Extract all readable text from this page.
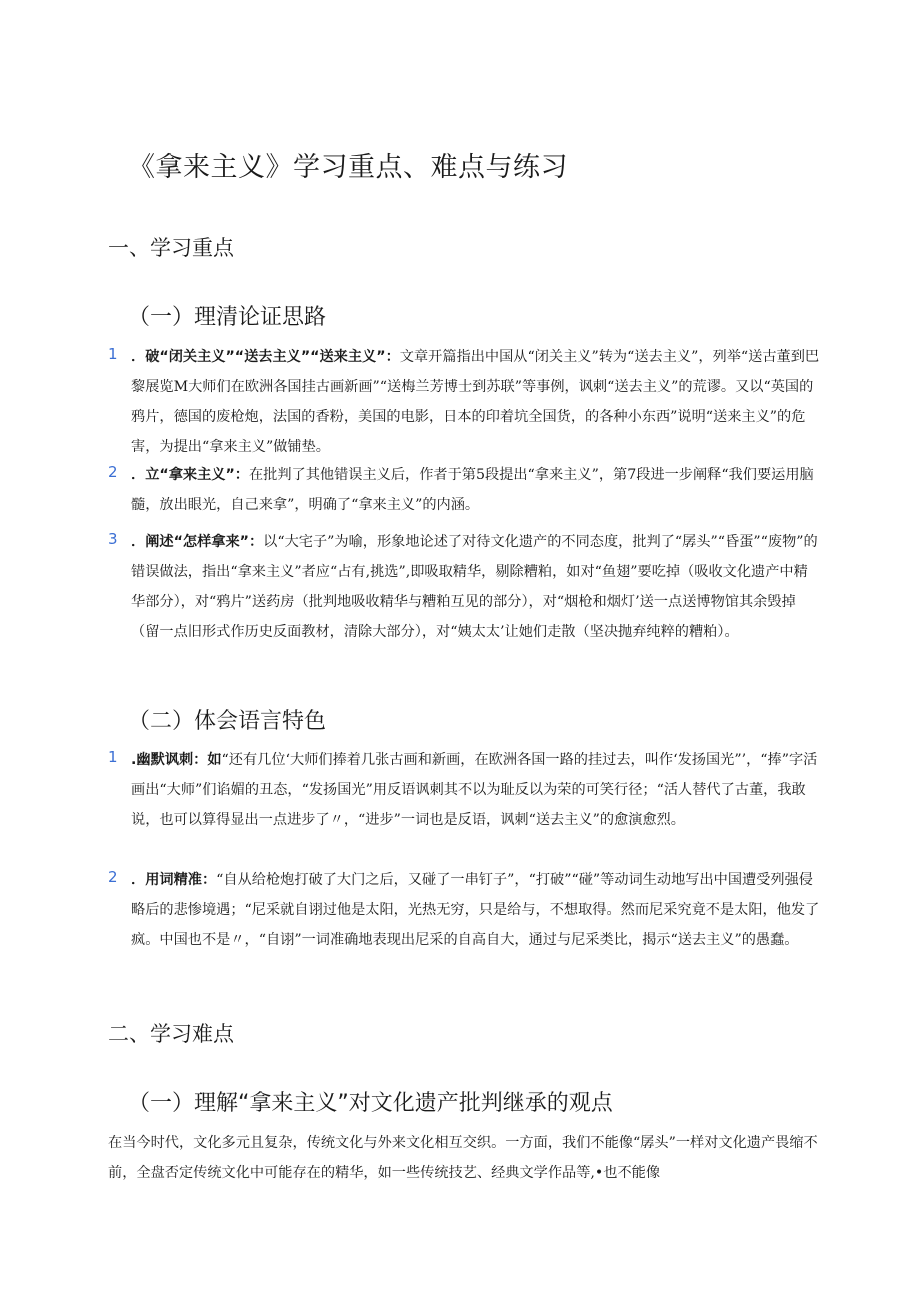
《拿来主义》学习重点、难点与练习
一、学习重点
（一）理清论证思路
1 ．破“闭关主义”“送去主义”“送来主义”：文章开篇指出中国从“闭关主义”转为“送去主义”，列举“送古董到巴黎展览M大师们在欧洲各国挂古画新画”“送梅兰芳博士到苏联”等事例，讽刺“送去主义”的荒谬。又以“英国的鸦片，德国的废枪炮，法国的香粉，美国的电影，日本的印着坑全国货，的各种小东西”说明“送来主义”的危害，为提出“拿来主义”做铺垫。
2 ．立“拿来主义”：在批判了其他错误主义后，作者于第5段提出“拿来主义”，第7段进一步阐释“我们要运用脑髓，放出眼光，自己来拿”，明确了“拿来主义”的内涵。
3 ．阐述“怎样拿来”：以“大宅子”为喻，形象地论述了对待文化遗产的不同态度，批判了“孱头”“昏蛋”“废物”的错误做法，指出“拿来主义”者应“占有,挑选”,即吸取精华，剔除糟粕，如对“鱼翅”要吃掉（吸收文化遗产中精华部分），对“鸦片”送药房（批判地吸收精华与糟粕互见的部分），对“烟枪和烟灯’送一点送博物馆其余毁掉（留一点旧形式作历史反面教材，清除大部分），对“姨太太’让她们走散（坚决抛弃纯粹的糟粕）。
（二）体会语言特色
1 .幽默讽刺：如“还有几位‘大师们捧着几张古画和新画，在欧洲各国一路的挂过去，叫作‘发扬国光”’，“捧”字活画出“大师”们谄媚的丑态，“发扬国光”用反语讽刺其不以为耻反以为荣的可笑行径；“活人替代了古董，我敢说，也可以算得显出一点进步了〃，“进步”一词也是反语，讽刺“送去主义”的愈演愈烈。
2 ．用词精准：“自从给枪炮打破了大门之后，又碰了一串钉子”，“打破”“碰”等动词生动地写出中国遭受列强侵略后的悲惨境遇；“尼采就自诩过他是太阳，光热无穷，只是给与，不想取得。然而尼采究竟不是太阳，他发了疯。中国也不是〃，“自诩”一词准确地表现出尼采的自高自大，通过与尼采类比，揭示“送去主义”的愚蠢。
二、学习难点
（一）理解“拿来主义”对文化遗产批判继承的观点

在当今时代，文化多元且复杂，传统文化与外来文化相互交织。一方面，我们不能像“孱头”一样对文化遗产畏缩不前，全盘否定传统文化中可能存在的精华，如一些传统技艺、经典文学作品等,•也不能像
